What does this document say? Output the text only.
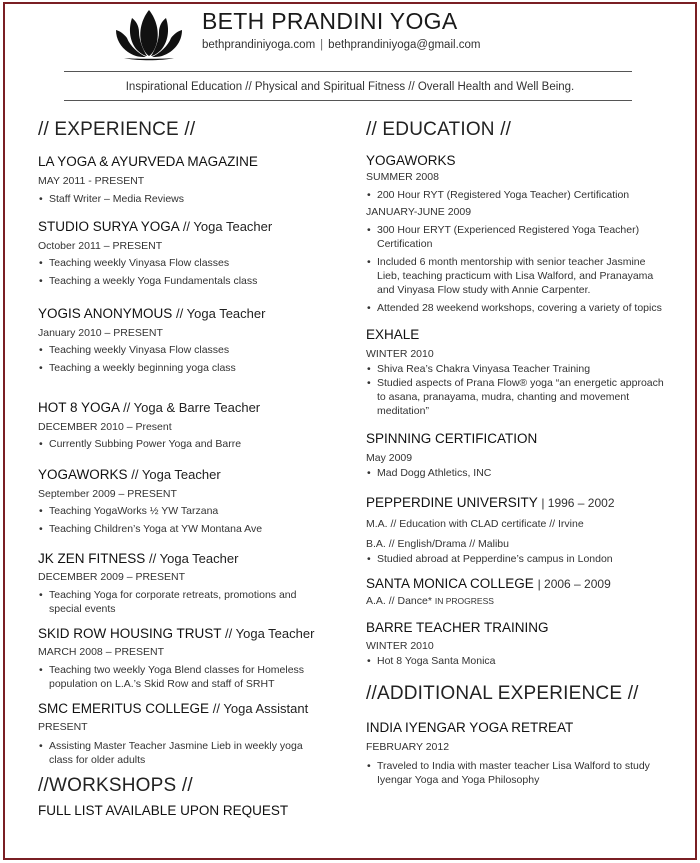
BETH PRANDINI YOGA
bethprandiniyoga.com | bethprandiniyoga@gmail.com
Inspirational Education // Physical and Spiritual Fitness // Overall Health and Well Being.
// EXPERIENCE //
LA YOGA & AYURVEDA MAGAZINE
MAY 2011 - PRESENT
• Staff Writer – Media Reviews
STUDIO SURYA YOGA // Yoga Teacher
October 2011 – PRESENT
• Teaching weekly Vinyasa Flow classes
• Teaching a weekly Yoga Fundamentals class
YOGIS ANONYMOUS // Yoga Teacher
January 2010 – PRESENT
• Teaching weekly Vinyasa Flow classes
• Teaching a weekly beginning yoga class
HOT 8 YOGA // Yoga & Barre Teacher
DECEMBER 2010 – Present
• Currently Subbing Power Yoga and Barre
YOGAWORKS // Yoga Teacher
September 2009 – PRESENT
• Teaching YogaWorks ½ YW Tarzana
• Teaching Children’s Yoga at YW Montana Ave
JK ZEN FITNESS // Yoga Teacher
DECEMBER 2009 – PRESENT
• Teaching Yoga for corporate retreats, promotions and special events
SKID ROW HOUSING TRUST // Yoga Teacher
MARCH 2008 – PRESENT
• Teaching two weekly Yoga Blend classes for Homeless population on L.A.’s Skid Row and staff of SRHT
SMC EMERITUS COLLEGE // Yoga Assistant
PRESENT
• Assisting Master Teacher Jasmine Lieb in weekly yoga class for older adults
//WORKSHOPS //
FULL LIST AVAILABLE UPON REQUEST
// EDUCATION //
YOGAWORKS
SUMMER 2008
• 200 Hour RYT (Registered Yoga Teacher) Certification
JANUARY-JUNE 2009
• 300 Hour ERYT (Experienced Registered Yoga Teacher) Certification
• Included 6 month mentorship with senior teacher Jasmine Lieb, teaching practicum with Lisa Walford, and Pranayama and Vinyasa Flow study with Annie Carpenter.
• Attended 28 weekend workshops, covering a variety of topics
EXHALE
WINTER 2010
• Shiva Rea’s Chakra Vinyasa Teacher Training
• Studied aspects of Prana Flow® yoga “an energetic approach to asana, pranayama, mudra, chanting and movement meditation”
SPINNING CERTIFICATION
May 2009
• Mad Dogg Athletics, INC
PEPPERDINE UNIVERSITY | 1996 – 2002
M.A. // Education with CLAD certificate // Irvine
B.A. // English/Drama // Malibu
• Studied abroad at Pepperdine’s campus in London
SANTA MONICA COLLEGE | 2006 – 2009
A.A. // Dance* IN PROGRESS
BARRE TEACHER TRAINING
WINTER 2010
• Hot 8 Yoga Santa Monica
//ADDITIONAL EXPERIENCE //
INDIA IYENGAR YOGA RETREAT
FEBRUARY 2012
• Traveled to India with master teacher Lisa Walford to study Iyengar Yoga and Yoga Philosophy
